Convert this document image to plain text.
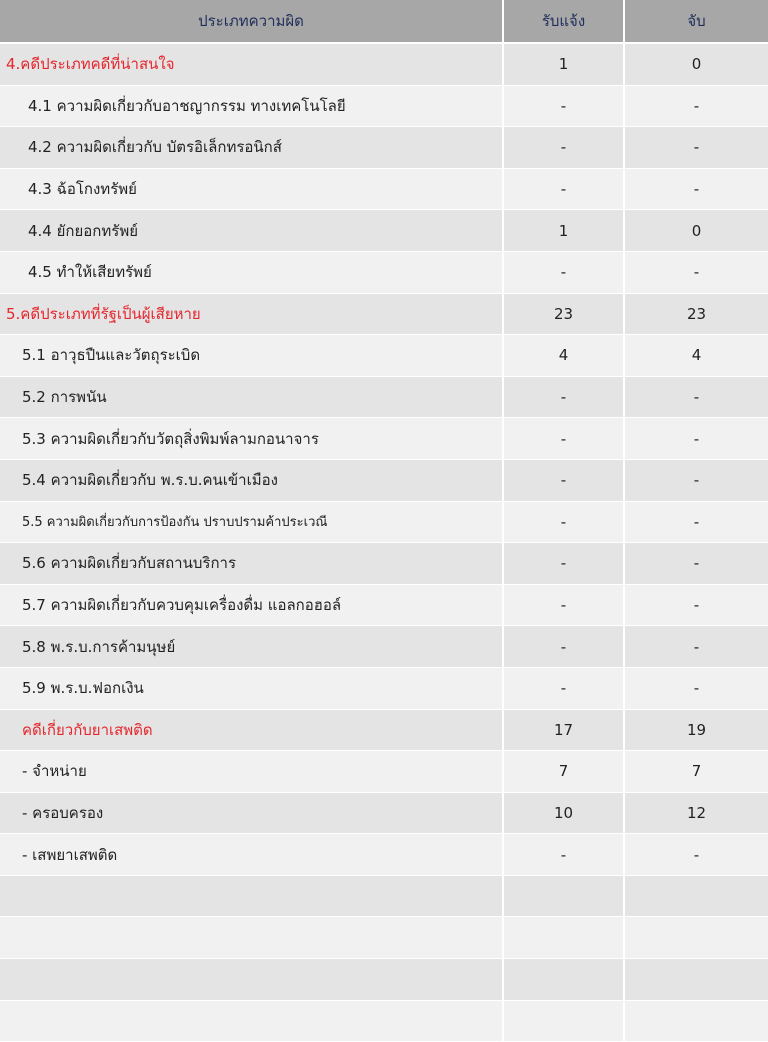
ประเภทความผิด	รับแจ้ง	จับ
4.คดีประเภทคดีที่น่าสนใจ	1	0
4.1 ความผิดเกี่ยวกับอาชญากรรม ทางเทคโนโลยี	-	-
4.2 ความผิดเกี่ยวกับ บัตรอิเล็กทรอนิกส์	-	-
4.3 ฉ้อโกงทรัพย์	-	-
4.4 ยักยอกทรัพย์	1	0
4.5 ทำให้เสียทรัพย์	-	-
5.คดีประเภทที่รัฐเป็นผู้เสียหาย	23	23
5.1 อาวุธปืนและวัตถุระเบิด	4	4
5.2 การพนัน	-	-
5.3 ความผิดเกี่ยวกับวัตถุสิ่งพิมพ์ลามกอนาจาร	-	-
5.4 ความผิดเกี่ยวกับ พ.ร.บ.คนเข้าเมือง	-	-
5.5 ความผิดเกี่ยวกับการป้องกัน ปราบปรามค้าประเวณี	-	-
5.6 ความผิดเกี่ยวกับสถานบริการ	-	-
5.7 ความผิดเกี่ยวกับควบคุมเครื่องดื่ม แอลกอฮอล์	-	-
5.8 พ.ร.บ.การค้ามนุษย์	-	-
5.9 พ.ร.บ.ฟอกเงิน	-	-
คดีเกี่ยวกับยาเสพติด	17	19
- จำหน่าย	7	7
- ครอบครอง	10	12
- เสพยาเสพติด	-	-
